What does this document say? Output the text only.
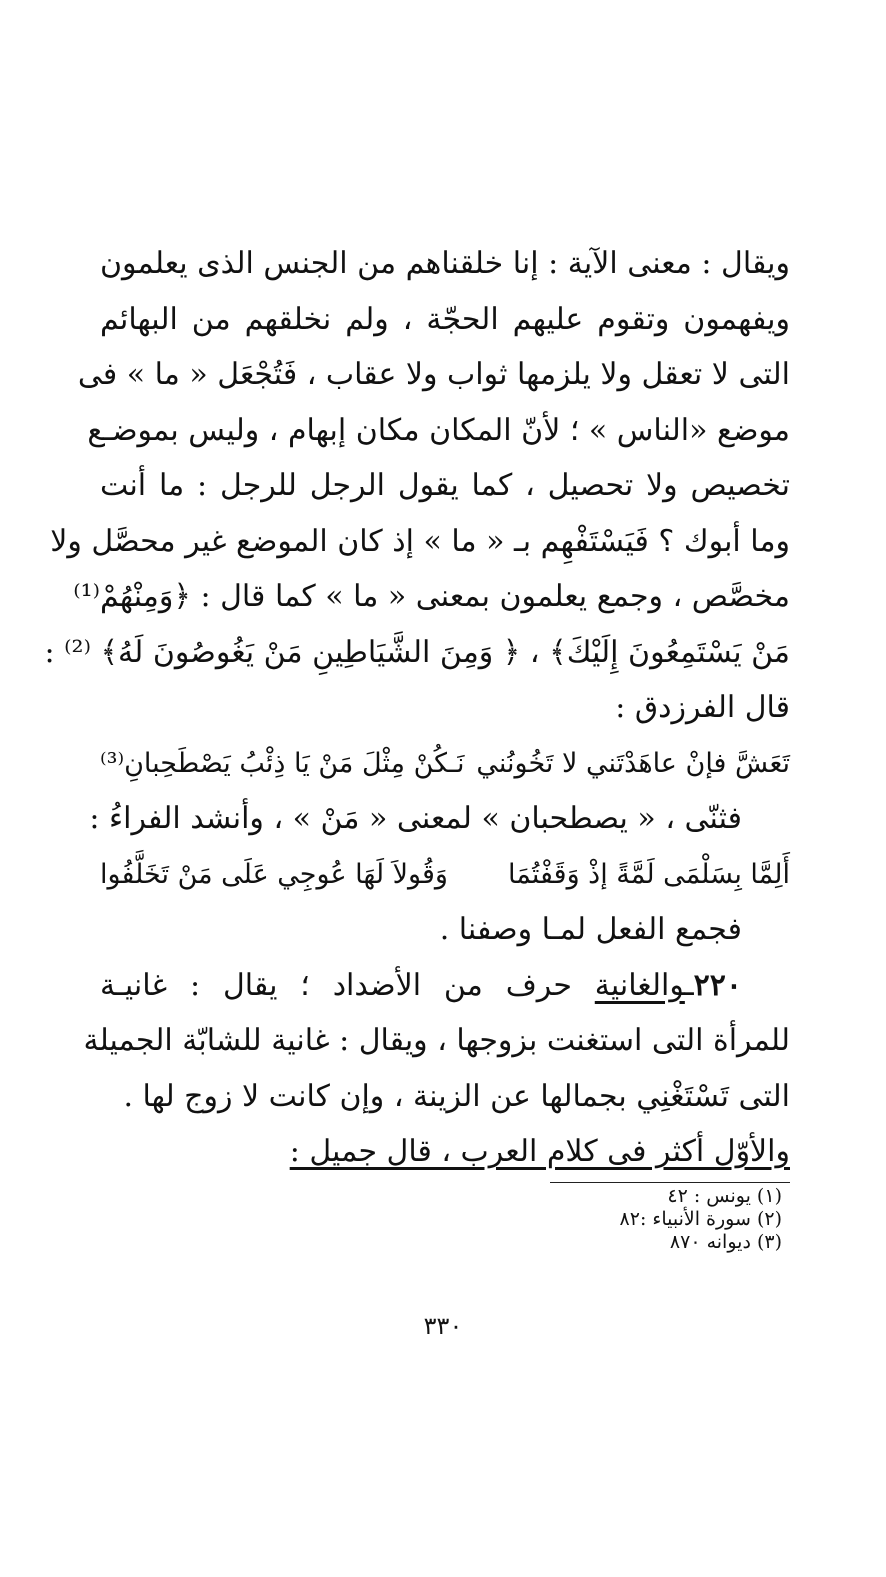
ويقال : معنى الآية : إنا خلقناهم من الجنس الذى يعلمون
ويفهمون وتقوم عليهم الحجّة ، ولم نخلقهم من البهائم
التى لا تعقل ولا يلزمها ثواب ولا عقاب ، فَتُجْعَل « ما » فى
موضع «الناس » ؛ لأنّ المكان مكان إبهام ، وليس بموضـع
تخصيص ولا تحصيل ، كما يقول الرجل للرجل : ما أنت
وما أبوك ؟ فَيَسْتَفْهِم بـ « ما » إذ كان الموضع غير محصَّل ولا
مخصَّص ، وجمع يعلمون بمعنى « ما » كما قال : ﴿وَمِنْهُمْ⁽¹⁾
مَنْ يَسْتَمِعُونَ إِلَيْكَ﴾ ، ﴿ وَمِنَ الشَّيَاطِينِ مَنْ يَغُوصُونَ لَهُ﴾ ⁽²⁾ :
قال الفرزدق :
تَعَشَّ فإنْ عاهَدْتَني لا تَخُونُني
نَـكُنْ مِثْلَ مَنْ يَا ذِئْبُ يَصْطَحِبانِ⁽³⁾
فثنّى ، « يصطحبان » لمعنى « مَنْ » ، وأنشد الفراءُ :
أَلِمَّا بِسَلْمَى لَمَّةً إذْ وَقَفْتُمَا
وَقُولاَ لَهَا عُوجِي عَلَى مَنْ تَخَلَّفُوا
فجمع الفعل لمـا وصفنا .
٢٢٠ـوالغانية حرف من الأضداد ؛ يقال : غانيـة
للمرأة التى استغنت بزوجها ، ويقال : غانية للشابّة الجميلة
التى تَسْتَغْنِي بجمالها عن الزينة ، وإن كانت لا زوج لها .
والأوّل أكثر فى كلام العرب ، قال جميل :
(١) يونس : ٤٢
(٢) سورة الأنبياء :٨٢
(٣) ديوانه ٨٧٠
٣٣٠
